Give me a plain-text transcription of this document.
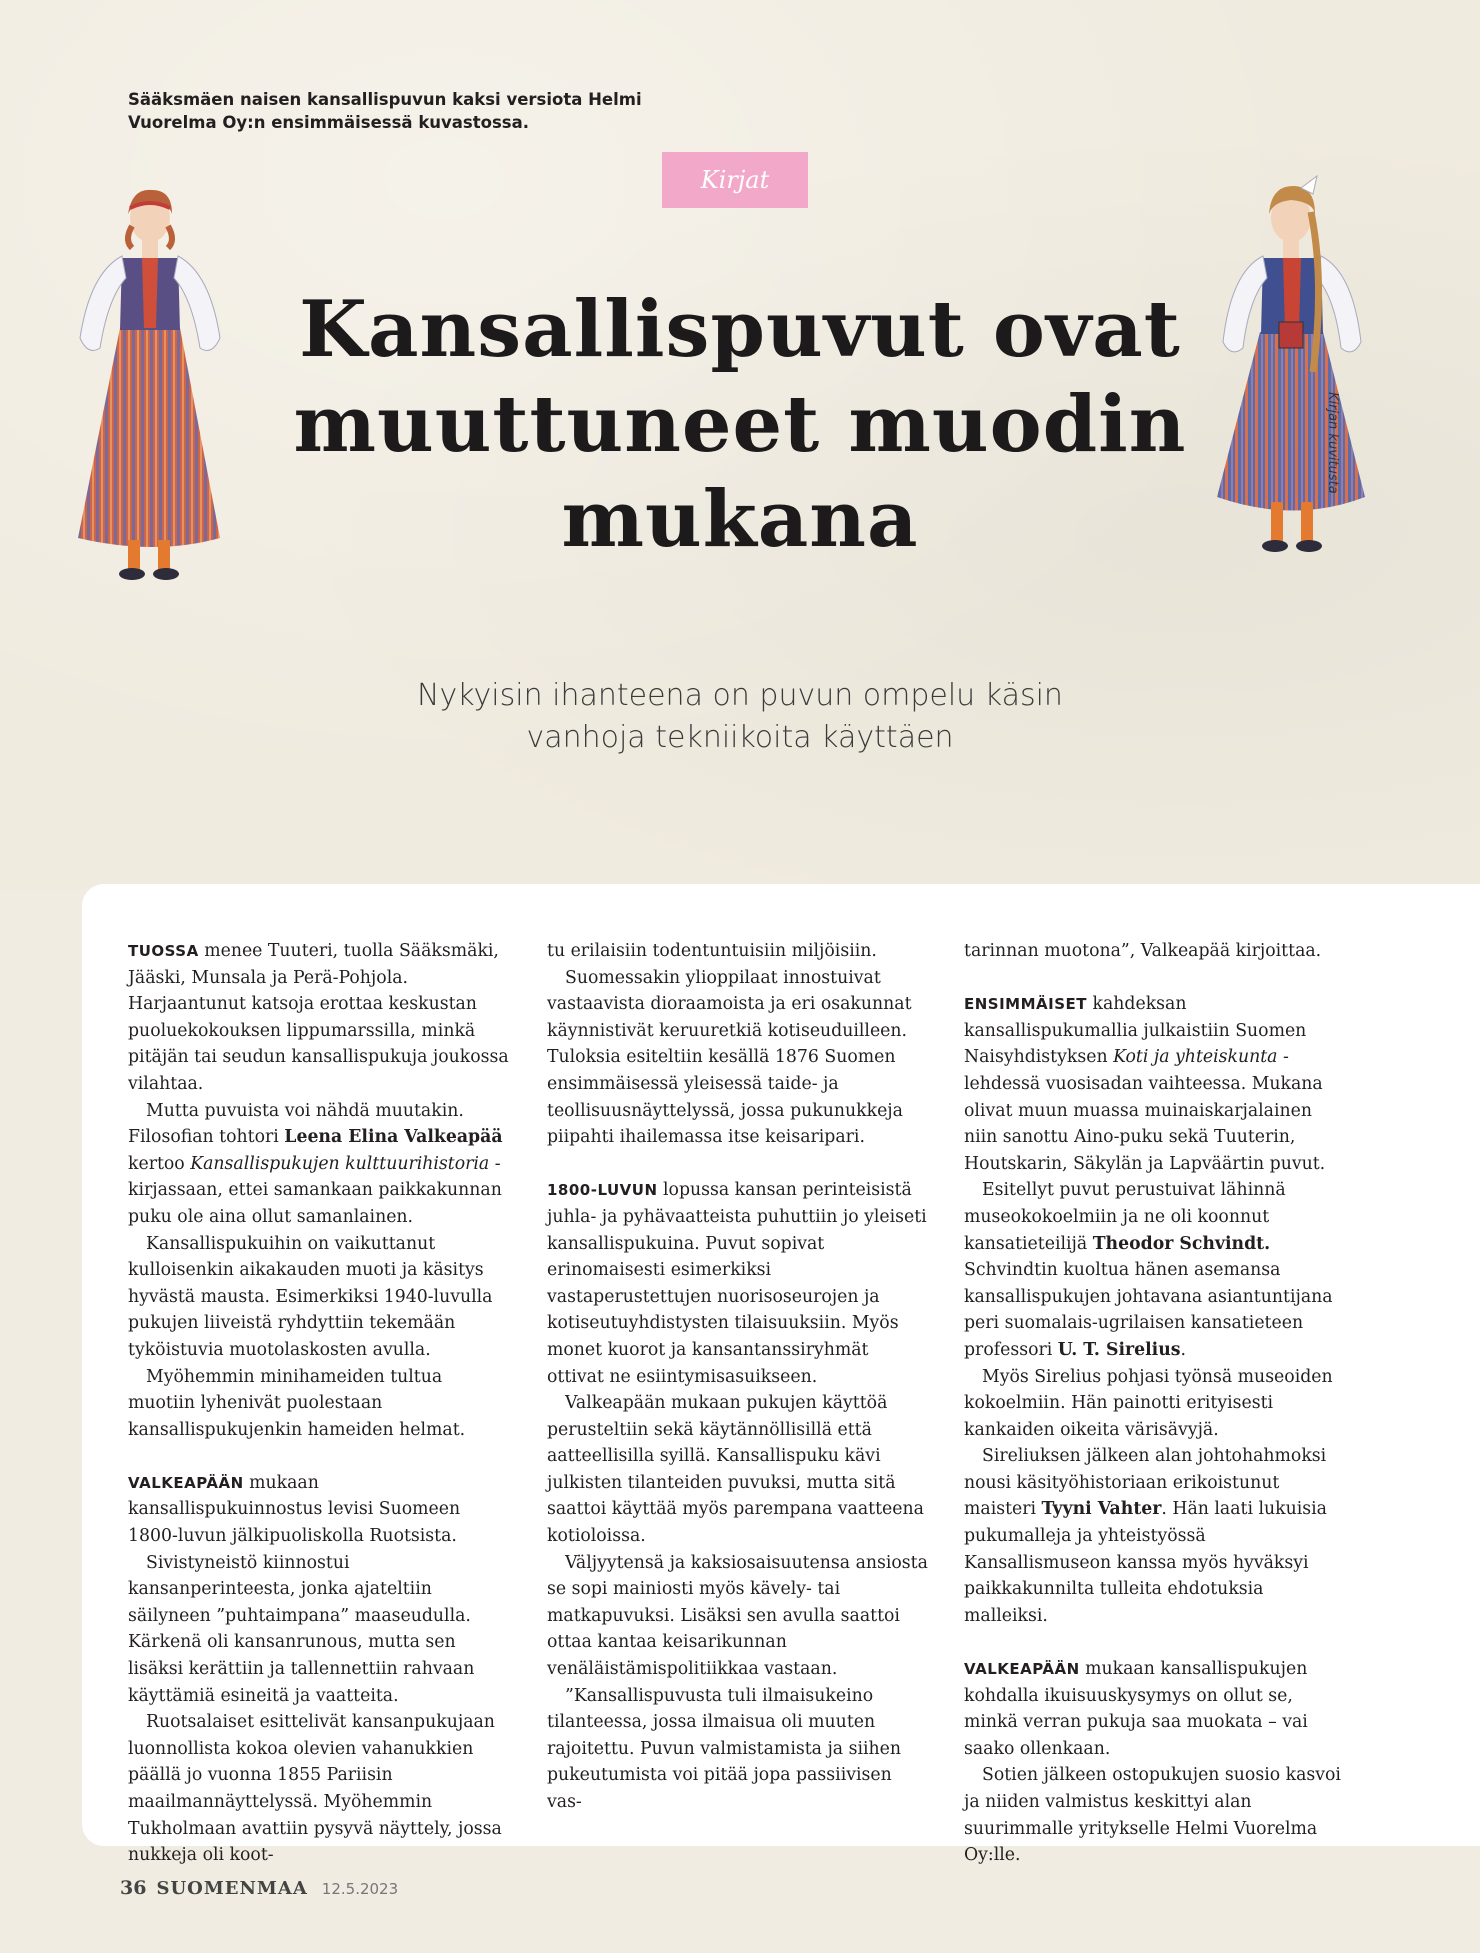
Sääksmäen naisen kansallispuvun kaksi versiota Helmi Vuorelma Oy:n ensimmäisessä kuvastossa.
Kirjat
Kirjan kuvitusta
Kansallispuvut ovat
muuttuneet muodin
mukana
Nykyisin ihanteena on puvun ompelu käsin
vanhoja tekniikoita käyttäen

TUOSSA menee Tuuteri, tuolla Sääksmäki, Jääski, Munsala ja Perä-Pohjola. Harjaantunut katsoja erottaa keskustan puoluekokouksen lippumarssilla, minkä pitäjän tai seudun kansallispukuja joukossa vilahtaa.

Mutta puvuista voi nähdä muutakin. Filosofian tohtori Leena Elina Valkeapää kertoo Kansallispukujen kulttuurihistoria -kirjassaan, ettei samankaan paikkakunnan puku ole aina ollut samanlainen.

Kansallispukuihin on vaikuttanut kulloisenkin aikakauden muoti ja käsitys hyvästä mausta. Esimerkiksi 1940-luvulla pukujen liiveistä ryhdyttiin tekemään tyköistuvia muotolaskosten avulla.

Myöhemmin minihameiden tultua muotiin lyhenivät puolestaan kansallispukujenkin hameiden helmat.

VALKEAPÄÄN mukaan kansallispukuinnostus levisi Suomeen 1800-luvun jälkipuoliskolla Ruotsista.

Sivistyneistö kiinnostui kansanperinteesta, jonka ajateltiin säilyneen ”puhtaimpana” maaseudulla. Kärkenä oli kansanrunous, mutta sen lisäksi kerättiin ja tallennettiin rahvaan käyttämiä esineitä ja vaatteita.

Ruotsalaiset esittelivät kansanpukujaan luonnollista kokoa olevien vahanukkien päällä jo vuonna 1855 Pariisin maailmannäyttelyssä. Myöhemmin Tukholmaan avattiin pysyvä näyttely, jossa nukkeja oli koot-

tu erilaisiin todentuntuisiin miljöisiin.

Suomessakin ylioppilaat innostuivat vastaavista dioraamoista ja eri osakunnat käynnistivät keruuretkiä kotiseuduilleen. Tuloksia esiteltiin kesällä 1876 Suomen ensimmäisessä yleisessä taide- ja teollisuusnäyttelyssä, jossa pukunukkeja piipahti ihailemassa itse keisaripari.

1800-LUVUN lopussa kansan perinteisistä juhla- ja pyhävaatteista puhuttiin jo yleiseti kansallispukuina. Puvut sopivat erinomaisesti esimerkiksi vastaperustettujen nuorisoseurojen ja kotiseutuyhdistysten tilaisuuksiin. Myös monet kuorot ja kansantanssiryhmät ottivat ne esiintymisasuikseen.

Valkeapään mukaan pukujen käyttöä perusteltiin sekä käytännöllisillä että aatteellisilla syillä. Kansallispuku kävi julkisten tilanteiden puvuksi, mutta sitä saattoi käyttää myös parempana vaatteena kotioloissa.

Väljyytensä ja kaksiosaisuutensa ansiosta se sopi mainiosti myös kävely- tai matkapuvuksi. Lisäksi sen avulla saattoi ottaa kantaa keisarikunnan venäläistämispolitiikkaa vastaan.

”Kansallispuvusta tuli ilmaisukeino tilanteessa, jossa ilmaisua oli muuten rajoitettu. Puvun valmistamista ja siihen pukeutumista voi pitää jopa passiivisen vas-

tarinnan muotona”, Valkeapää kirjoittaa.

ENSIMMÄISET kahdeksan kansallispukumallia julkaistiin Suomen Naisyhdistyksen Koti ja yhteiskunta -lehdessä vuosisadan vaihteessa. Mukana olivat muun muassa muinaiskarjalainen niin sanottu Aino-puku sekä Tuuterin, Houtskarin, Säkylän ja Lapväärtin puvut.

Esitellyt puvut perustuivat lähinnä museokokoelmiin ja ne oli koonnut kansatieteilijä Theodor Schvindt. Schvindtin kuoltua hänen asemansa kansallispukujen johtavana asiantuntijana peri suomalais-ugrilaisen kansatieteen professori U. T. Sirelius.

Myös Sirelius pohjasi työnsä museoiden kokoelmiin. Hän painotti erityisesti kankaiden oikeita värisävyjä.

Sireliuksen jälkeen alan johtohahmoksi nousi käsityöhistoriaan erikoistunut maisteri Tyyni Vahter. Hän laati lukuisia pukumalleja ja yhteistyössä Kansallismuseon kanssa myös hyväksyi paikkakunnilta tulleita ehdotuksia malleiksi.

VALKEAPÄÄN mukaan kansallispukujen kohdalla ikuisuuskysymys on ollut se, minkä verran pukuja saa muokata – vai saako ollenkaan.

Sotien jälkeen ostopukujen suosio kasvoi ja niiden valmistus keskittyi alan suurimmalle yritykselle Helmi Vuorelma Oy:lle.

36 SUOMENMAA 12.5.2023
